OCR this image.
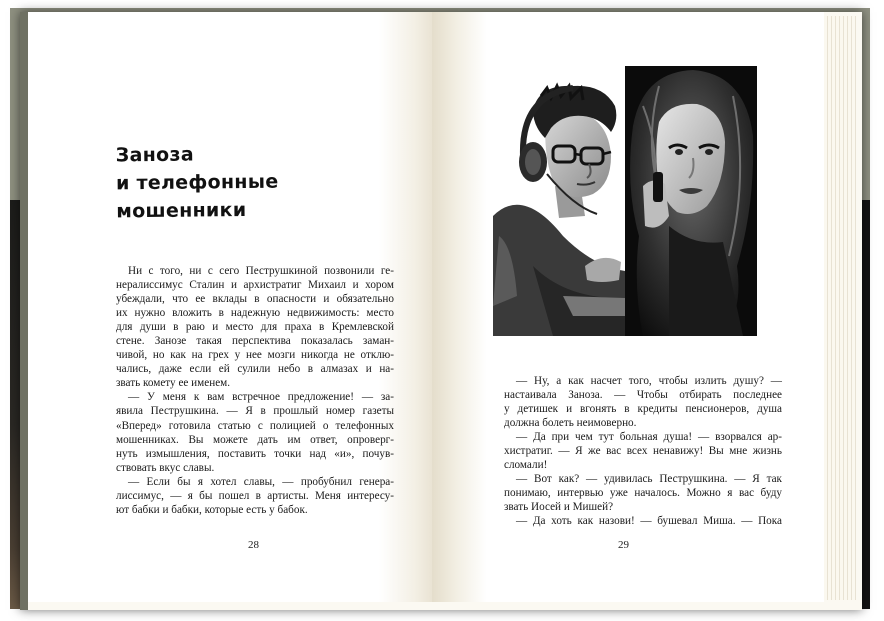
Заноза
и телефонные
мошенники

Ни с того, ни с сего Пеструшкиной позвонили ге-

нералиссимус Сталин и архистратиг Михаил и хором

убеждали, что ее вклады в опасности и обязательно

их нужно вложить в надежную недвижимость: место

для души в раю и место для праха в Кремлевской

стене. Занозе такая перспектива показалась заман-

чивой, но как на грех у нее мозги никогда не отклю-

чались, даже если ей сулили небо в алмазах и на-

звать комету ее именем.

— У меня к вам встречное предложение! — за-

явила Пеструшкина. — Я в прошлый номер газеты

«Вперед» готовила статью с полицией о телефонных

мошенниках. Вы можете дать им ответ, опроверг-

нуть измышления, поставить точки над «и», почув-

ствовать вкус славы.

— Если бы я хотел славы, — пробубнил генера-

лиссимус, — я бы пошел в артисты. Меня интересу-

ют бабки и бабки, которые есть у бабок.

28

— Ну, а как насчет того, чтобы излить душу? —

настаивала Заноза. — Чтобы отбирать последнее

у детишек и вгонять в кредиты пенсионеров, душа

должна болеть неимоверно.

— Да при чем тут больная душа! — взорвался ар-

хистратиг. — Я же вас всех ненавижу! Вы мне жизнь

сломали!

— Вот как? — удивилась Пеструшкина. — Я так

понимаю, интервью уже началось. Можно я вас буду

звать Иосей и Мишей?

— Да хоть как назови! — бушевал Миша. — Пока

29
